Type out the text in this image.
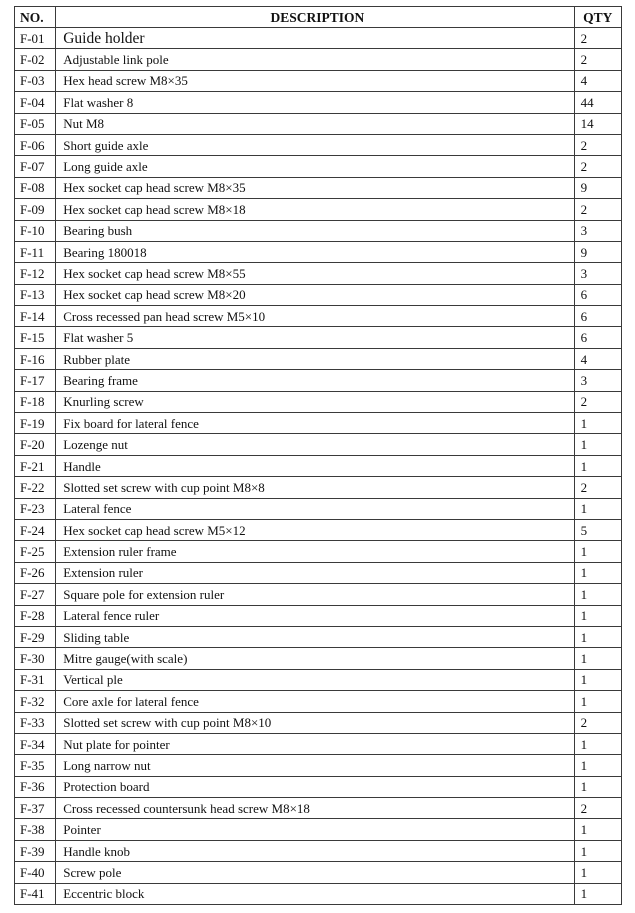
NO.	DESCRIPTION	QTY
F-01	Guide holder	2
F-02	Adjustable link pole	2
F-03	Hex head screw M8×35	4
F-04	Flat washer 8	44
F-05	Nut M8	14
F-06	Short guide axle	2
F-07	Long guide axle	2
F-08	Hex socket cap head screw M8×35	9
F-09	Hex socket cap head screw M8×18	2
F-10	Bearing bush	3
F-11	Bearing 180018	9
F-12	Hex socket cap head screw M8×55	3
F-13	Hex socket cap head screw M8×20	6
F-14	Cross recessed pan head screw M5×10	6
F-15	Flat washer 5	6
F-16	Rubber plate	4
F-17	Bearing frame	3
F-18	Knurling screw	2
F-19	Fix board for lateral fence	1
F-20	Lozenge nut	1
F-21	Handle	1
F-22	Slotted set screw with cup point M8×8	2
F-23	Lateral fence	1
F-24	Hex socket cap head screw M5×12	5
F-25	Extension ruler frame	1
F-26	Extension ruler	1
F-27	Square pole for extension ruler	1
F-28	Lateral fence ruler	1
F-29	Sliding table	1
F-30	Mitre gauge(with scale)	1
F-31	Vertical ple	1
F-32	Core axle for lateral fence	1
F-33	Slotted set screw with cup point M8×10	2
F-34	Nut plate for pointer	1
F-35	Long narrow nut	1
F-36	Protection board	1
F-37	Cross recessed countersunk head screw M8×18	2
F-38	Pointer	1
F-39	Handle knob	1
F-40	Screw pole	1
F-41	Eccentric block	1
